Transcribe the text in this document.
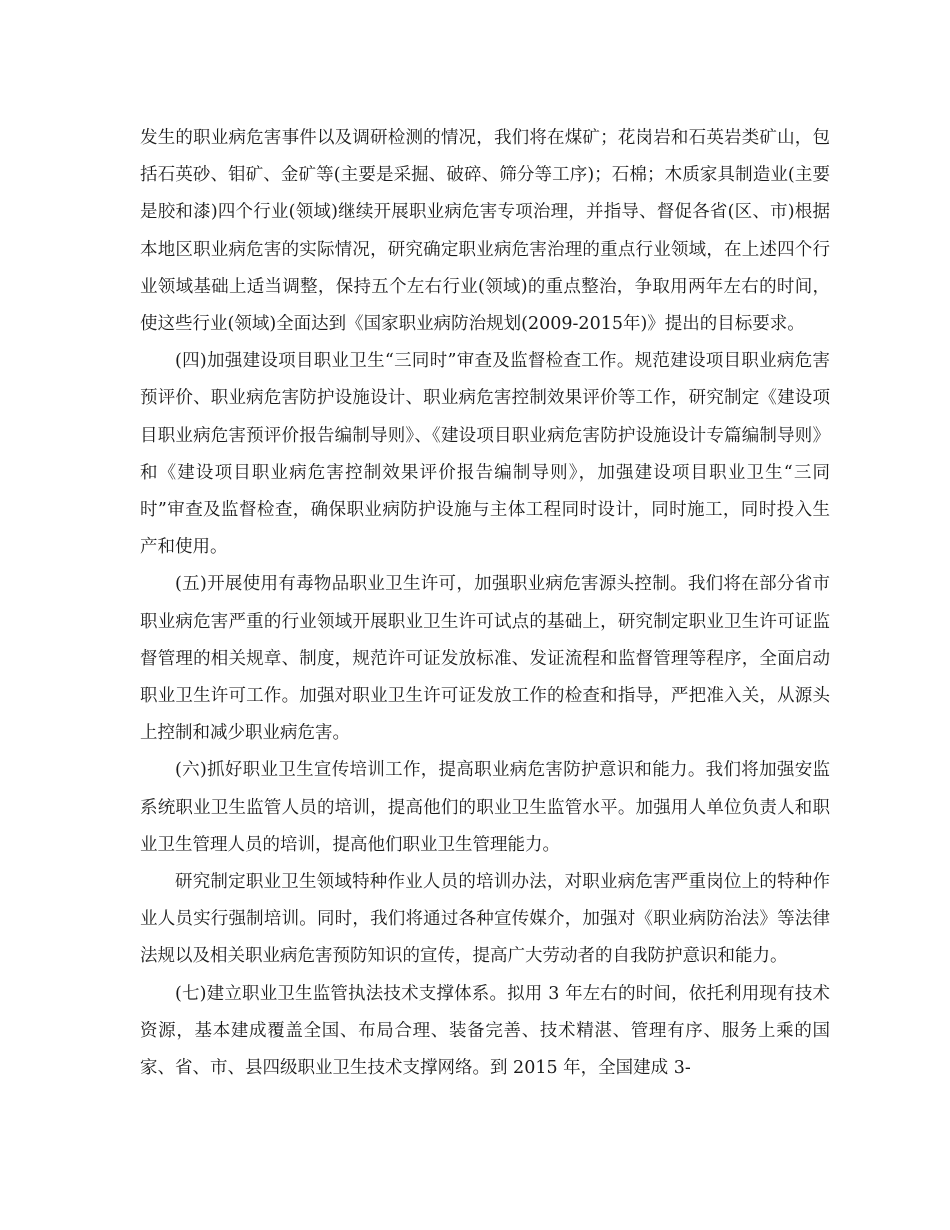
发生的职业病危害事件以及调研检测的情况，我们将在煤矿；花岗岩和石英岩类矿山，包括石英砂、钼矿、金矿等(主要是采掘、破碎、筛分等工序)；石棉；木质家具制造业(主要是胶和漆)四个行业(领域)继续开展职业病危害专项治理，并指导、督促各省(区、市)根据本地区职业病危害的实际情况，研究确定职业病危害治理的重点行业领域，在上述四个行业领域基础上适当调整，保持五个左右行业(领域)的重点整治，争取用两年左右的时间，使这些行业(领域)全面达到《国家职业病防治规划(2009-2015年)》提出的目标要求。

(四)加强建设项目职业卫生“三同时”审查及监督检查工作。规范建设项目职业病危害预评价、职业病危害防护设施设计、职业病危害控制效果评价等工作，研究制定《建设项目职业病危害预评价报告编制导则》、《建设项目职业病危害防护设施设计专篇编制导则》和《建设项目职业病危害控制效果评价报告编制导则》，加强建设项目职业卫生“三同时”审查及监督检查，确保职业病防护设施与主体工程同时设计，同时施工，同时投入生产和使用。

(五)开展使用有毒物品职业卫生许可，加强职业病危害源头控制。我们将在部分省市职业病危害严重的行业领域开展职业卫生许可试点的基础上，研究制定职业卫生许可证监督管理的相关规章、制度，规范许可证发放标准、发证流程和监督管理等程序，全面启动职业卫生许可工作。加强对职业卫生许可证发放工作的检查和指导，严把准入关，从源头上控制和减少职业病危害。

(六)抓好职业卫生宣传培训工作，提高职业病危害防护意识和能力。我们将加强安监系统职业卫生监管人员的培训，提高他们的职业卫生监管水平。加强用人单位负责人和职业卫生管理人员的培训，提高他们职业卫生管理能力。

研究制定职业卫生领域特种作业人员的培训办法，对职业病危害严重岗位上的特种作业人员实行强制培训。同时，我们将通过各种宣传媒介，加强对《职业病防治法》等法律法规以及相关职业病危害预防知识的宣传，提高广大劳动者的自我防护意识和能力。

(七)建立职业卫生监管执法技术支撑体系。拟用 3 年左右的时间，依托利用现有技术资源，基本建成覆盖全国、布局合理、装备完善、技术精湛、管理有序、服务上乘的国家、省、市、县四级职业卫生技术支撑网络。到 2015 年，全国建成 3-
